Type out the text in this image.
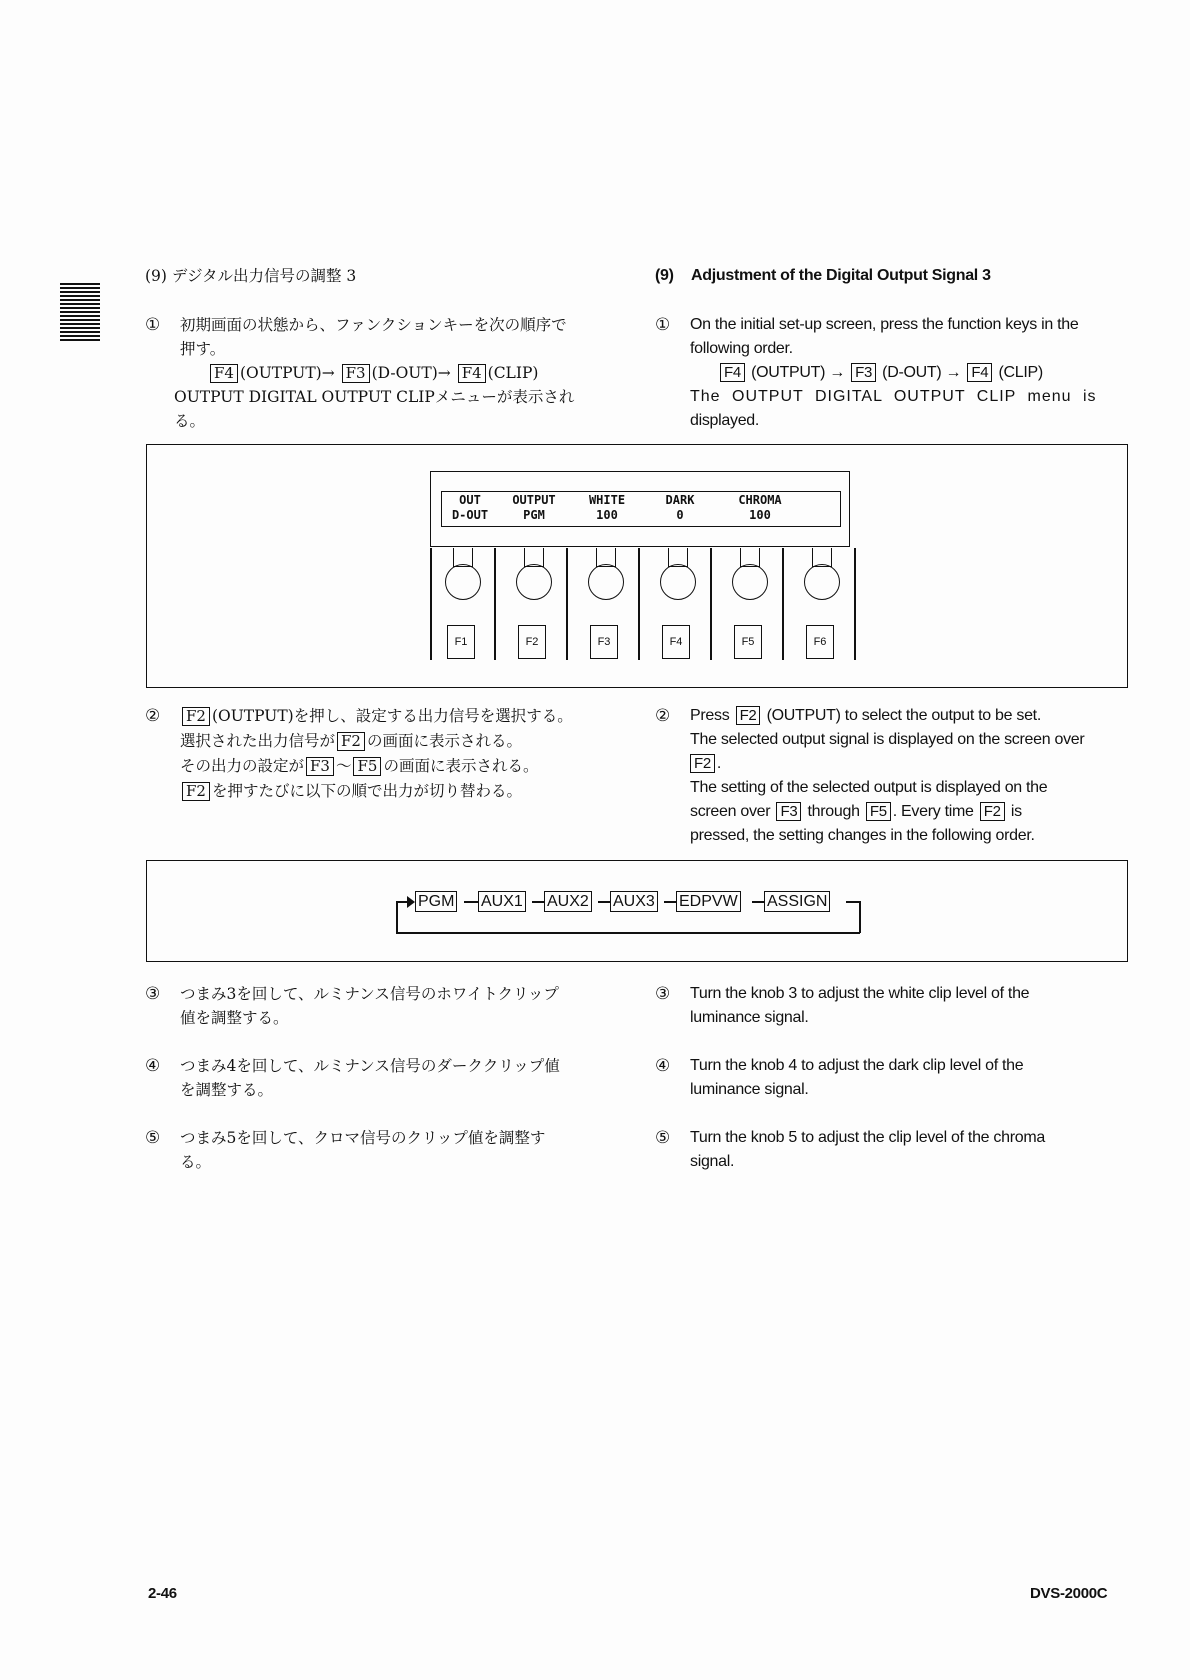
(9) デジタル出力信号の調整 3	(9) Adjustment of the Digital Output Signal 3
① 初期画面の状態から、ファンクションキーを次の順序で
押す。
F4 (OUTPUT)→ F3 (D-OUT)→ F4 (CLIP)
OUTPUT DIGITAL OUTPUT CLIPメニューが表示され
る。
① On the initial set-up screen, press the function keys in the
following order.
F4 (OUTPUT) → F3 (D-OUT) → F4 (CLIP)
The OUTPUT DIGITAL OUTPUT CLIP menu is
displayed.
OUT	OUTPUT	WHITE	DARK	CHROMA
D-OUT	PGM	100	0	100
F1	F2	F3	F4	F5	F6
②	F2 (OUTPUT)を押し、設定する出力信号を選択する。
選択された出力信号が F2 の画面に表示される。
その出力の設定が F3 ～ F5 の画面に表示される。
F2 を押すたびに以下の順で出力が切り替わる。
② Press F2 (OUTPUT) to select the output to be set.
The selected output signal is displayed on the screen over
F2 .
The setting of the selected output is displayed on the
screen over F3 through F5 . Every time F2 is
pressed, the setting changes in the following order.
PGM AUX1 AUX2 AUX3 EDPVW ASSIGN
③ つまみ3を回して、ルミナンス信号のホワイトクリップ
値を調整する。
④ つまみ4を回して、ルミナンス信号のダーククリップ値
を調整する。
⑤ つまみ5を回して、クロマ信号のクリップ値を調整す
る。
③ Turn the knob 3 to adjust the white clip level of the
luminance signal.
④ Turn the knob 4 to adjust the dark clip level of the
luminance signal.
⑤ Turn the knob 5 to adjust the clip level of the chroma
signal.
2-46	DVS-2000C
